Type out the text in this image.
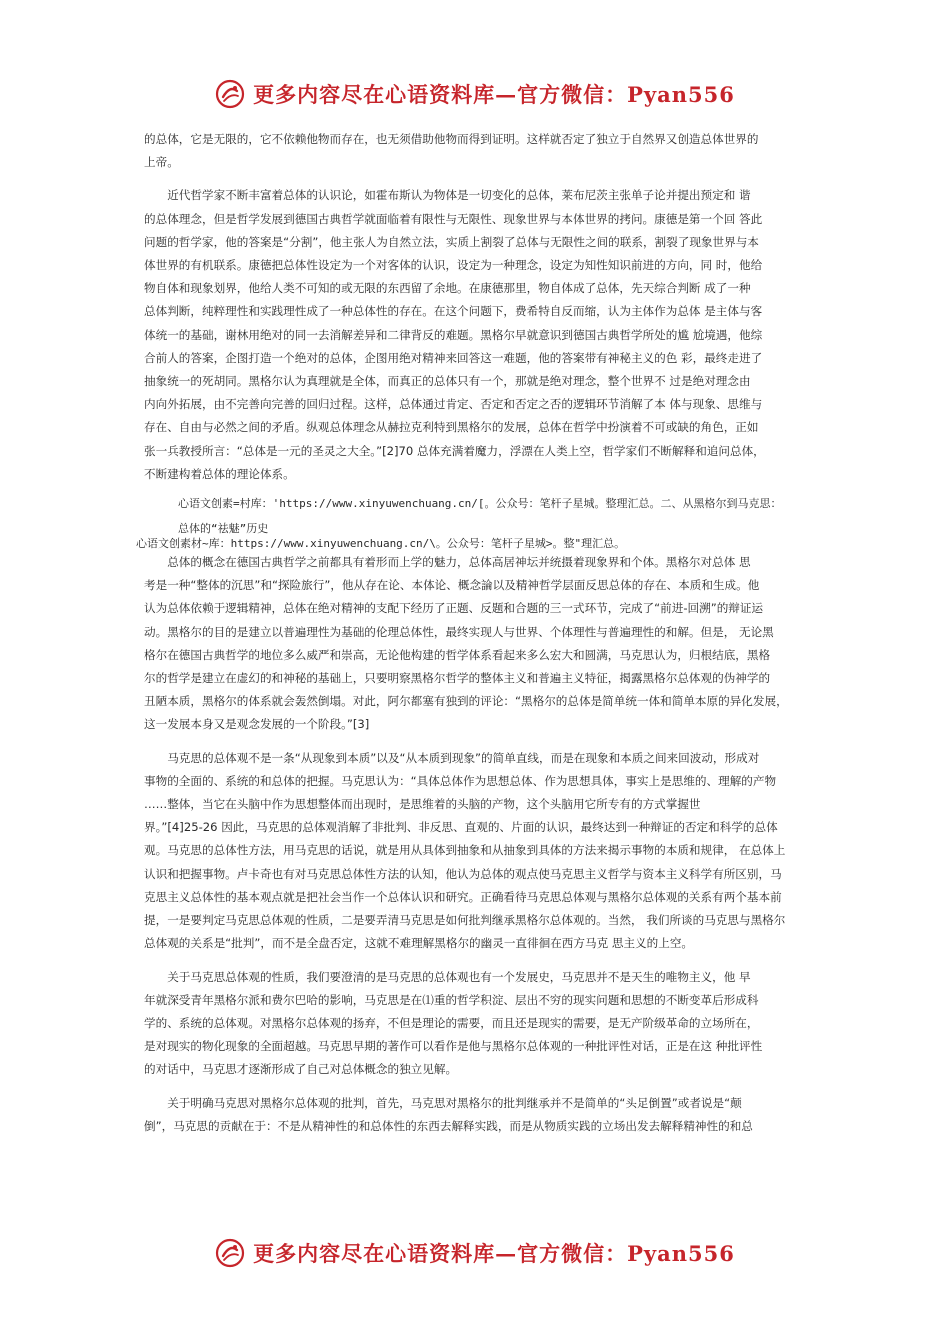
更多内容尽在心语资料库—官方微信：Pyan556
的总体，它是无限的，它不依赖他物而存在，也无须借助他物而得到证明。这样就否定了独立于自然界又创造总体世界的
上帝。
近代哲学家不断丰富着总体的认识论，如霍布斯认为物体是一切变化的总体，莱布尼茨主张单子论并提出预定和 谐
的总体理念，但是哲学发展到德国古典哲学就面临着有限性与无限性、现象世界与本体世界的拷问。康德是第一个回 答此
问题的哲学家，他的答案是“分割”，他主张人为自然立法，实质上割裂了总体与无限性之间的联系，割裂了现象世界与本
体世界的有机联系。康德把总体性设定为一个对客体的认识，设定为一种理念，设定为知性知识前进的方向，同 时，他给
物自体和现象划界，他给人类不可知的或无限的东西留了余地。在康德那里，物自体成了总体，先天综合判断 成了一种
总体判断，纯粹理性和实践理性成了一种总体性的存在。在这个问题下，费希特自反而缩，认为主体作为总体 是主体与客
体统一的基础，谢林用绝对的同一去消解差异和二律背反的难题。黑格尔早就意识到德国古典哲学所处的尴 尬境遇，他综
合前人的答案，企图打造一个绝对的总体，企图用绝对精神来回答这一难题，他的答案带有神秘主义的色 彩，最终走进了
抽象统一的死胡同。黑格尔认为真理就是全体，而真正的总体只有一个，那就是绝对理念，整个世界不 过是绝对理念由
内向外拓展，由不完善向完善的回归过程。这样，总体通过肯定、否定和否定之否的逻辑环节消解了本 体与现象、思维与
存在、自由与必然之间的矛盾。纵观总体理念从赫拉克利特到黑格尔的发展，总体在哲学中扮演着不可或缺的角色，正如
张一兵教授所言：“总体是一元的圣灵之大全。”[2]70 总体充满着魔力，浮漂在人类上空，哲学家们不断解释和追问总体，
不断建构着总体的理论体系。
心语文创素=村库：'https://www.xinyuwenchuang.cn/[。公众号：笔杆子星城。整理汇总。二、从黑格尔到马克思：
总体的“祛魅”历史
心语文创素材~库：https://www.xinyuwenchuang.cn/\。公众号：笔杆子星城>。整"理汇总。
总体的概念在德国古典哲学之前都具有着形而上学的魅力，总体高居神坛并统摄着现象界和个体。黑格尔对总体 思
考是一种“整体的沉思”和“探险旅行”，他从存在论、本体论、概念論以及精神哲学层面反思总体的存在、本质和生成。他
认为总体依赖于逻辑精神，总体在绝对精神的支配下经历了正题、反题和合题的三一式环节，完成了“前进-回溯”的辩证运
动。黑格尔的目的是建立以普遍理性为基础的伦理总体性，最终实现人与世界、个体理性与普遍理性的和解。但是， 无论黑
格尔在德国古典哲学的地位多么威严和崇高，无论他构建的哲学体系看起来多么宏大和圆满，马克思认为，归根结底，黑格
尔的哲学是建立在虚幻的和神秘的基础上，只要明察黑格尔哲学的整体主义和普遍主义特征，揭露黑格尔总体观的伪神学的
丑陋本质，黑格尔的体系就会轰然倒塌。对此，阿尔都塞有独到的评论：“黑格尔的总体是简单统一体和简单本原的异化发展，
这一发展本身又是观念发展的一个阶段。”[3]
马克思的总体观不是一条“从现象到本质”以及“从本质到现象”的简单直线，而是在现象和本质之间来回波动，形成对
事物的全面的、系统的和总体的把握。马克思认为：“具体总体作为思想总体、作为思想具体，事实上是思维的、理解的产物
……整体，当它在头脑中作为思想整体而出现时，是思维着的头脑的产物，这个头脑用它所专有的方式掌握世
界。”[4]25-26 因此，马克思的总体观消解了非批判、非反思、直观的、片面的认识，最终达到一种辩证的否定和科学的总体
观。马克思的总体性方法，用马克思的话说，就是用从具体到抽象和从抽象到具体的方法来揭示事物的本质和规律， 在总体上
认识和把握事物。卢卡奇也有对马克思总体性方法的认知，他认为总体的观点使马克思主义哲学与资本主义科学有所区别，马
克思主义总体性的基本观点就是把社会当作一个总体认识和研究。正确看待马克思总体观与黑格尔总体观的关系有两个基本前
提，一是要判定马克思总体观的性质，二是要弄清马克思是如何批判继承黑格尔总体观的。当然， 我们所谈的马克思与黑格尔
总体观的关系是“批判”，而不是全盘否定，这就不难理解黑格尔的幽灵一直徘徊在西方马克 思主义的上空。
关于马克思总体观的性质，我们要澄清的是马克思的总体观也有一个发展史，马克思并不是天生的唯物主义，他 早
年就深受青年黑格尔派和费尔巴哈的影响，马克思是在⑴重的哲学积淀、层出不穷的现实问题和思想的不断变革后形成科
学的、系统的总体观。对黑格尔总体观的扬弃，不但是理论的需要，而且还是现实的需要，是无产阶级革命的立场所在，
是对现实的物化现象的全面超越。马克思早期的著作可以看作是他与黑格尔总体观的一种批评性对话，正是在这 种批评性
的对话中，马克思才逐渐形成了自己对总体概念的独立见解。
关于明确马克思对黑格尔总体观的批判，首先，马克思对黑格尔的批判继承并不是简单的“头足倒置”或者说是“颠
倒”，马克思的贡献在于：不是从精神性的和总体性的东西去解释实践，而是从物质实践的立场出发去解释精神性的和总
更多内容尽在心语资料库—官方微信：Pyan556
